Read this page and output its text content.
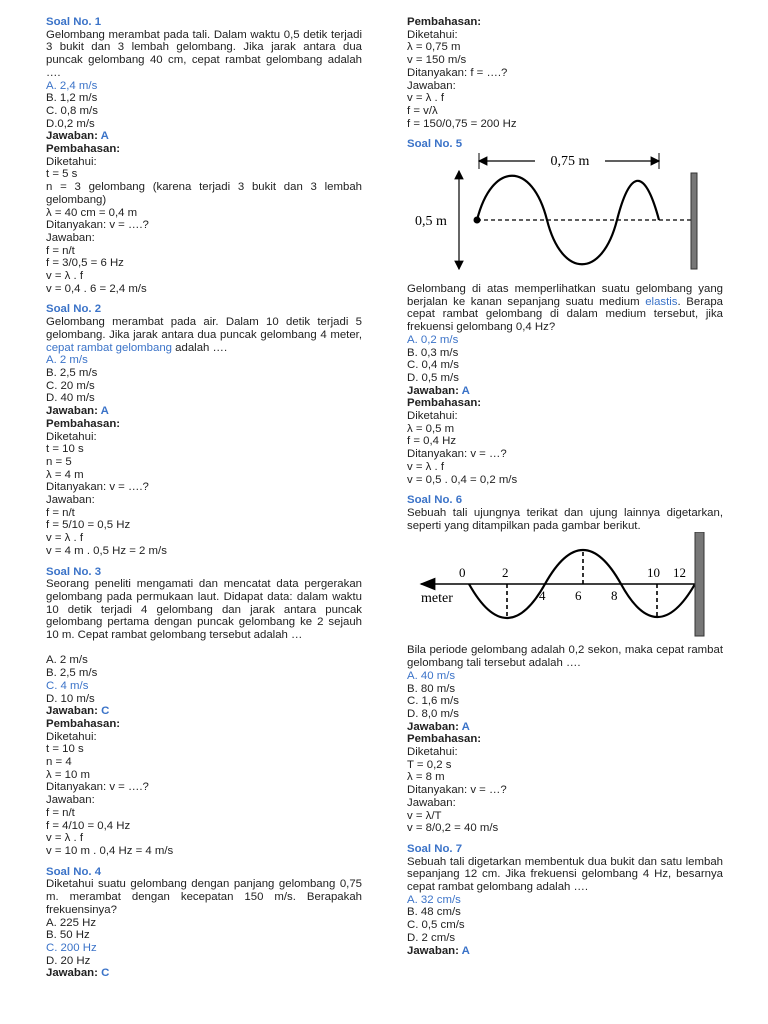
Soal No. 1
Gelombang merambat pada tali. Dalam waktu 0,5 detik terjadi 3 bukit dan 3 lembah gelombang. Jika jarak antara dua puncak gelombang 40 cm, cepat rambat gelombang adalah ….
A. 2,4 m/s
B. 1,2 m/s
C. 0,8 m/s
D.0,2 m/s
Jawaban: A
Pembahasan:
Diketahui:
t = 5 s
n = 3 gelombang (karena terjadi 3 bukit dan 3 lembah gelombang)
λ = 40 cm = 0,4 m
Ditanyakan: v = ….?
Jawaban:
f = n/t
f = 3/0,5 = 6 Hz
v = λ . f
v = 0,4 . 6 = 2,4 m/s
Soal No. 2
Gelombang merambat pada air. Dalam 10 detik terjadi 5 gelombang. Jika jarak antara dua puncak gelombang 4 meter, cepat rambat gelombang adalah ….
A. 2 m/s
B. 2,5 m/s
C. 20 m/s
D. 40 m/s
Jawaban: A
Pembahasan:
Diketahui:
t = 10 s
n = 5
λ = 4 m
Ditanyakan: v = ….?
Jawaban:
f = n/t
f = 5/10 = 0,5 Hz
v = λ . f
v = 4 m . 0,5 Hz = 2 m/s
Soal No. 3
Seorang peneliti mengamati dan mencatat data pergerakan gelombang pada permukaan laut. Didapat data: dalam waktu 10 detik terjadi 4 gelombang dan jarak antara puncak gelombang pertama dengan puncak gelombang ke 2 sejauh 10 m. Cepat rambat gelombang tersebut adalah …
A. 2 m/s
B. 2,5 m/s
C. 4 m/s
D. 10 m/s
Jawaban: C
Pembahasan:
Diketahui:
t = 10 s
n = 4
λ = 10 m
Ditanyakan: v = ….?
Jawaban:
f = n/t
f = 4/10 = 0,4 Hz
v = λ . f
v = 10 m . 0,4 Hz = 4 m/s
Soal No. 4
Diketahui suatu gelombang dengan panjang gelombang 0,75 m. merambat dengan kecepatan 150 m/s. Berapakah frekuensinya?
A. 225 Hz
B. 50 Hz
C. 200 Hz
D. 20 Hz
Jawaban: C
Pembahasan:
Diketahui:
λ = 0,75 m
v = 150 m/s
Ditanyakan: f = ….?
Jawaban:
v = λ . f
f = v/λ
f = 150/0,75 = 200 Hz
Soal No. 5
0,75 m
0,5 m
Gelombang di atas memperlihatkan suatu gelombang yang berjalan ke kanan sepanjang suatu medium elastis. Berapa cepat rambat gelombang di dalam medium tersebut, jika frekuensi gelombang 0,4 Hz?
A. 0,2 m/s
B. 0,3 m/s
C. 0,4 m/s
D. 0,5 m/s
Jawaban: A
Pembahasan:
Diketahui:
λ = 0,5 m
f = 0,4 Hz
Ditanyakan: v = …?
v = λ . f
v = 0,5 . 0,4 = 0,2 m/s
Soal No. 6
Sebuah tali ujungnya terikat dan ujung lainnya digetarkan, seperti yang ditampilkan pada gambar berikut.
meter
0	2
4 6 8
10 12
Bila periode gelombang adalah 0,2 sekon, maka cepat rambat gelombang tali tersebut adalah ….
A. 40 m/s
B. 80 m/s
C. 1,6 m/s
D. 8,0 m/s
Jawaban: A
Pembahasan:
Diketahui:
T = 0,2 s
λ = 8 m
Ditanyakan: v = …?
Jawaban:
v = λ/T
v = 8/0,2 = 40 m/s
Soal No. 7
Sebuah tali digetarkan membentuk dua bukit dan satu lembah sepanjang 12 cm. Jika frekuensi gelombang 4 Hz, besarnya cepat rambat gelombang adalah ….
A. 32 cm/s
B. 48 cm/s
C. 0,5 cm/s
D. 2 cm/s
Jawaban: A
